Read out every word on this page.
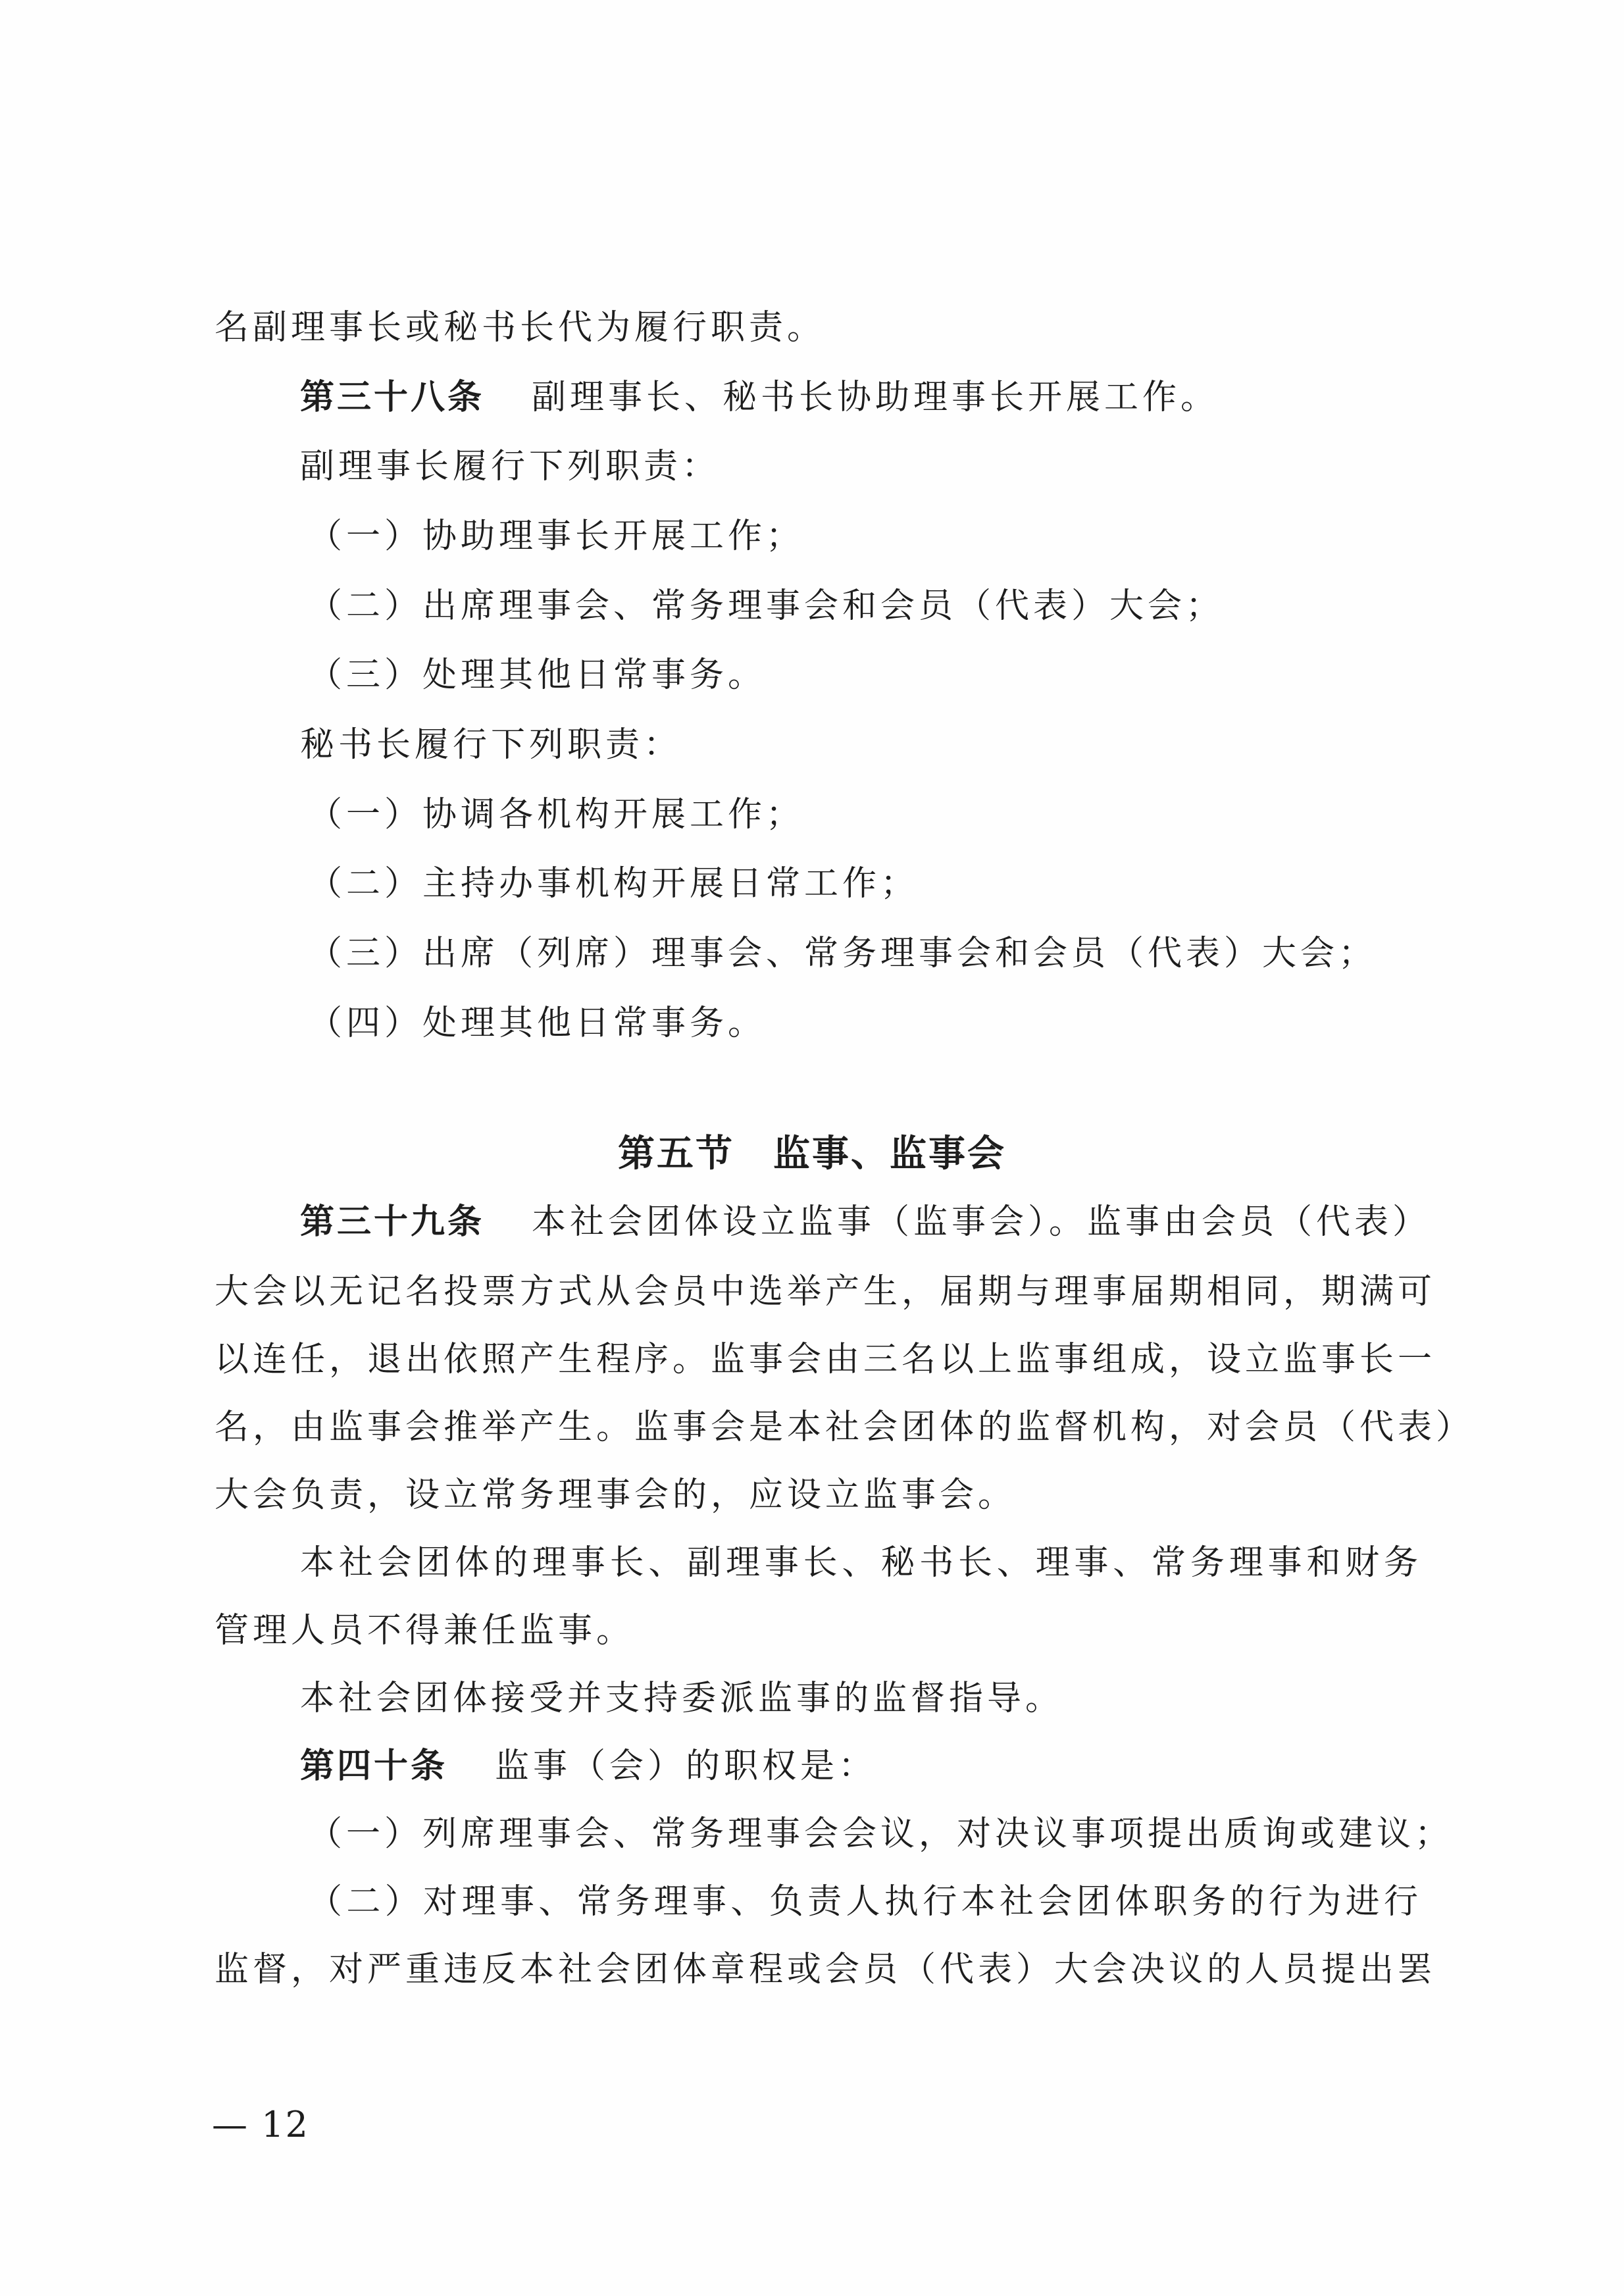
名副理事长或秘书长代为履行职责。
第三十八条 副理事长、秘书长协助理事长开展工作。
副理事长履行下列职责：
（一）协助理事长开展工作；
（二）出席理事会、常务理事会和会员（代表）大会；
（三）处理其他日常事务。
秘书长履行下列职责：
（一）协调各机构开展工作；
（二）主持办事机构开展日常工作；
（三）出席（列席）理事会、常务理事会和会员（代表）大会；
（四）处理其他日常事务。
第五节　监事、监事会
第三十九条 本社会团体设立监事（监事会）。监事由会员（代表）
大会以无记名投票方式从会员中选举产生，届期与理事届期相同，期满可
以连任，退出依照产生程序。监事会由三名以上监事组成，设立监事长一
名，由监事会推举产生。监事会是本社会团体的监督机构，对会员（代表）
大会负责，设立常务理事会的，应设立监事会。
本社会团体的理事长、副理事长、秘书长、理事、常务理事和财务
管理人员不得兼任监事。
本社会团体接受并支持委派监事的监督指导。
第四十条 监事（会）的职权是：
（一）列席理事会、常务理事会会议，对决议事项提出质询或建议；
（二）对理事、常务理事、负责人执行本社会团体职务的行为进行
监督，对严重违反本社会团体章程或会员（代表）大会决议的人员提出罢
— 12
